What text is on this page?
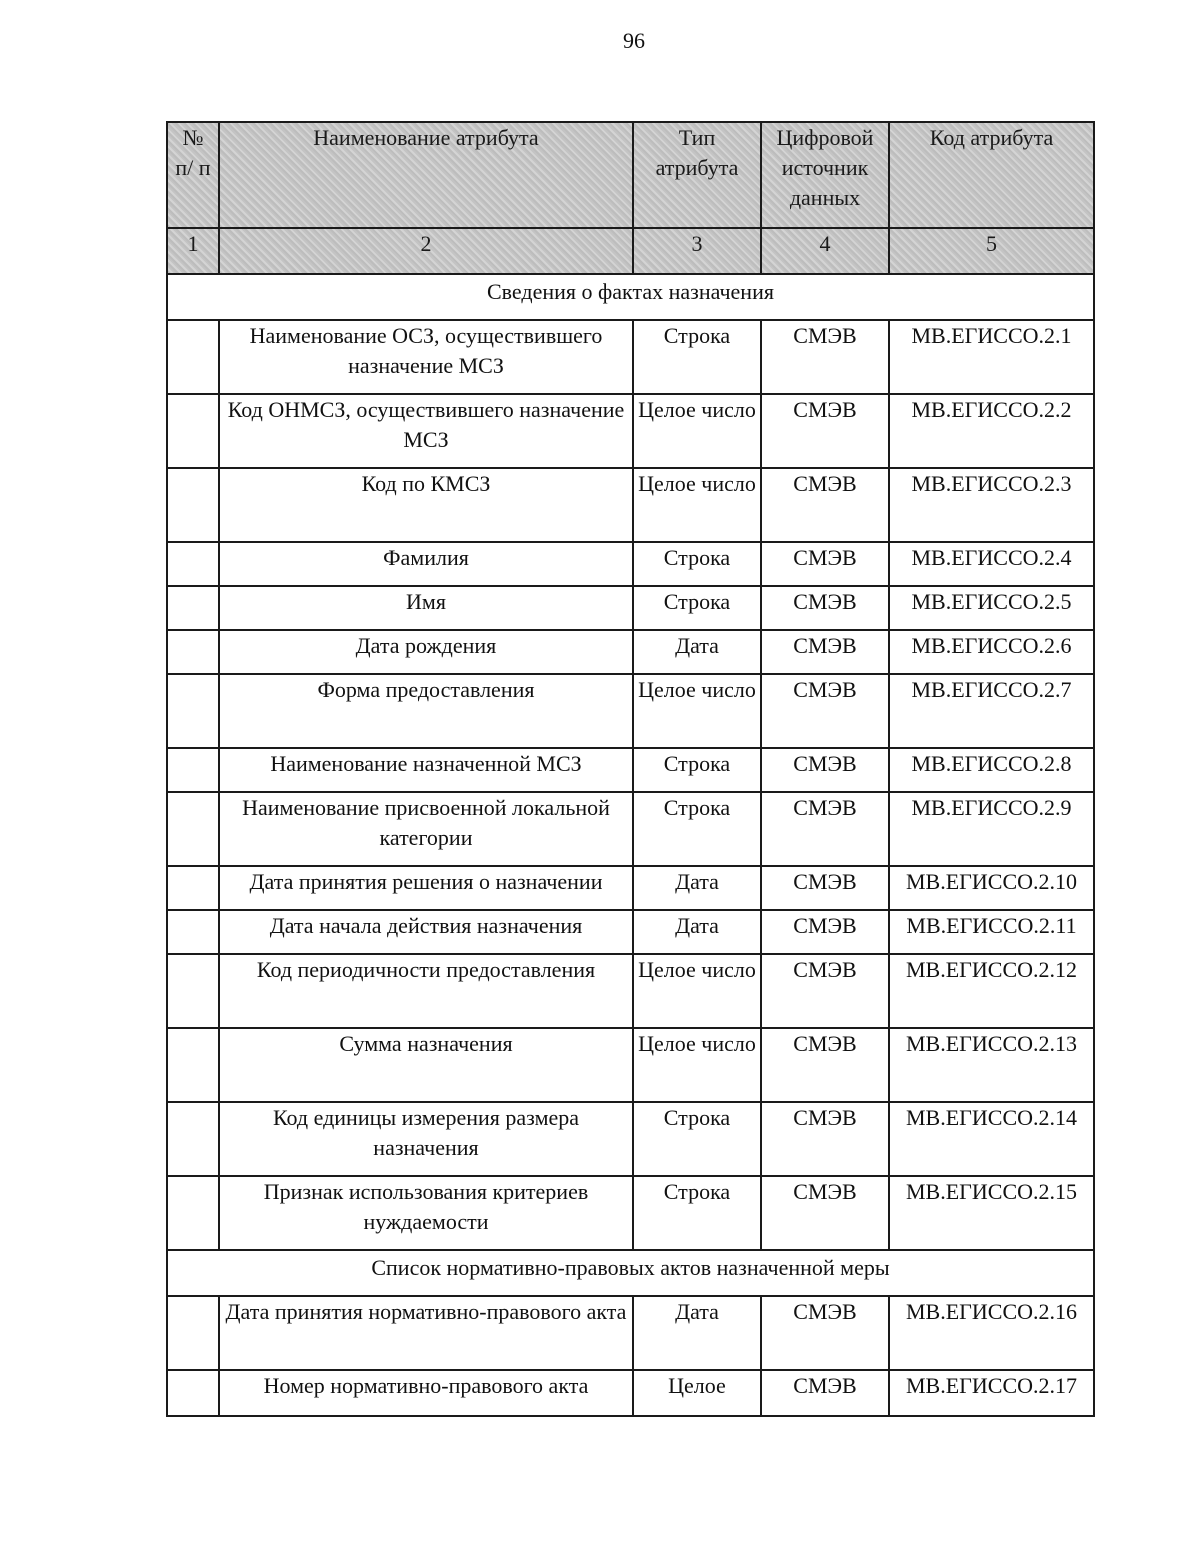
96
№ п/ п	Наименование атрибута	Тип атрибута	Цифровой источник данных	Код атрибута
1	2	3	4	5
Сведения о фактах назначения				
	Наименование ОСЗ, осуществившего назначение МСЗ	Строка	СМЭВ	МВ.ЕГИССО.2.1
	Код ОНМСЗ, осуществившего назначение МСЗ	Целое число	СМЭВ	МВ.ЕГИССО.2.2
	Код по КМСЗ	Целое число	СМЭВ	МВ.ЕГИССО.2.3
	Фамилия	Строка	СМЭВ	МВ.ЕГИССО.2.4
	Имя	Строка	СМЭВ	МВ.ЕГИССО.2.5
	Дата рождения	Дата	СМЭВ	МВ.ЕГИССО.2.6
	Форма предоставления	Целое число	СМЭВ	МВ.ЕГИССО.2.7
	Наименование назначенной МСЗ	Строка	СМЭВ	МВ.ЕГИССО.2.8
	Наименование присвоенной локальной категории	Строка	СМЭВ	МВ.ЕГИССО.2.9
	Дата принятия решения о назначении	Дата	СМЭВ	МВ.ЕГИССО.2.10
	Дата начала действия назначения	Дата	СМЭВ	МВ.ЕГИССО.2.11
	Код периодичности предоставления	Целое число	СМЭВ	МВ.ЕГИССО.2.12
	Сумма назначения	Целое число	СМЭВ	МВ.ЕГИССО.2.13
	Код единицы измерения размера назначения	Строка	СМЭВ	МВ.ЕГИССО.2.14
	Признак использования критериев нуждаемости	Строка	СМЭВ	МВ.ЕГИССО.2.15
Список нормативно-правовых актов назначенной меры				
	Дата принятия нормативно-правового акта	Дата	СМЭВ	МВ.ЕГИССО.2.16
	Номер нормативно-правового акта	Целое	СМЭВ	МВ.ЕГИССО.2.17
